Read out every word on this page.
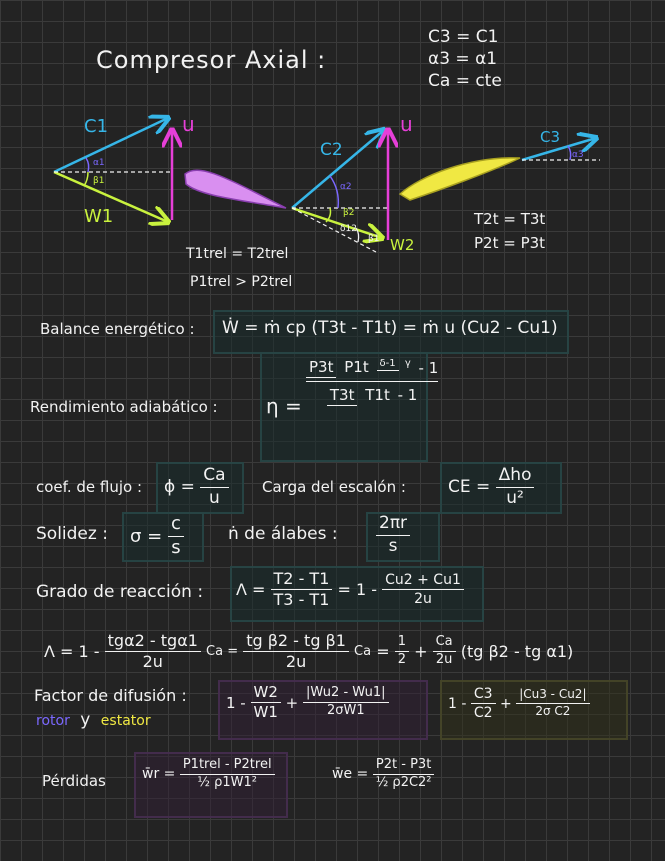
Compresor Axial :
C3 = C1
α3 = α1
Ca = cte
C1	u
W1
α1
β1
C2
u
W2
α2
β2
δ12
β1
C3
α3
T1trel = T2trel
P1trel > P2trel
T2t = T3t
P2t = P3t
Balance energético : Ẇ = ṁ cp (T3t - T1t) = ṁ u (Cu2 - Cu1)
Rendimiento adiabático : η =
P3t P1t δ-1 γ - 1
T3t T1t - 1
coef. de flujo : $\phi = \frac{Ca}{u}$ Carga del escalón : CE = $\frac{\text{Δho}}{\text{u²}}$
Solidez : $\sigma = \frac{c}{s}$	ṅ de álabes : $\frac{2\pi r}{s}$
Grado de reacción : $\Lambda = \frac{T2 - T1}{T3 - T1} = 1 - \frac{Cu2 + Cu1}{2u}$
$\Lambda = 1 - \frac{\text{tgα2 - tgα1}}{2u}$ $Ca = \frac{\text{tg β2 - tg β1}}{2u}$ $Ca = \frac{1}{2} + \frac{Ca}{2u} (tg$ β2 - tg α1)
Factor de difusión :
rotor y estator
$1 - \frac{W2}{W1} + \frac{|Wu2 - Wu1|}{2\sigma W1}$	$1 - \frac{C3}{C2} + \frac{|Cu3 - Cu2|}{\text{2σ C2}}$
Pérdidas	w̄r = $\frac{\text{P1trel - P2trel}}{\text{½ ρ1W1²}}$	w̄e = $\frac{P2t - P3t}{\text{½ ρ2C2²}}$
